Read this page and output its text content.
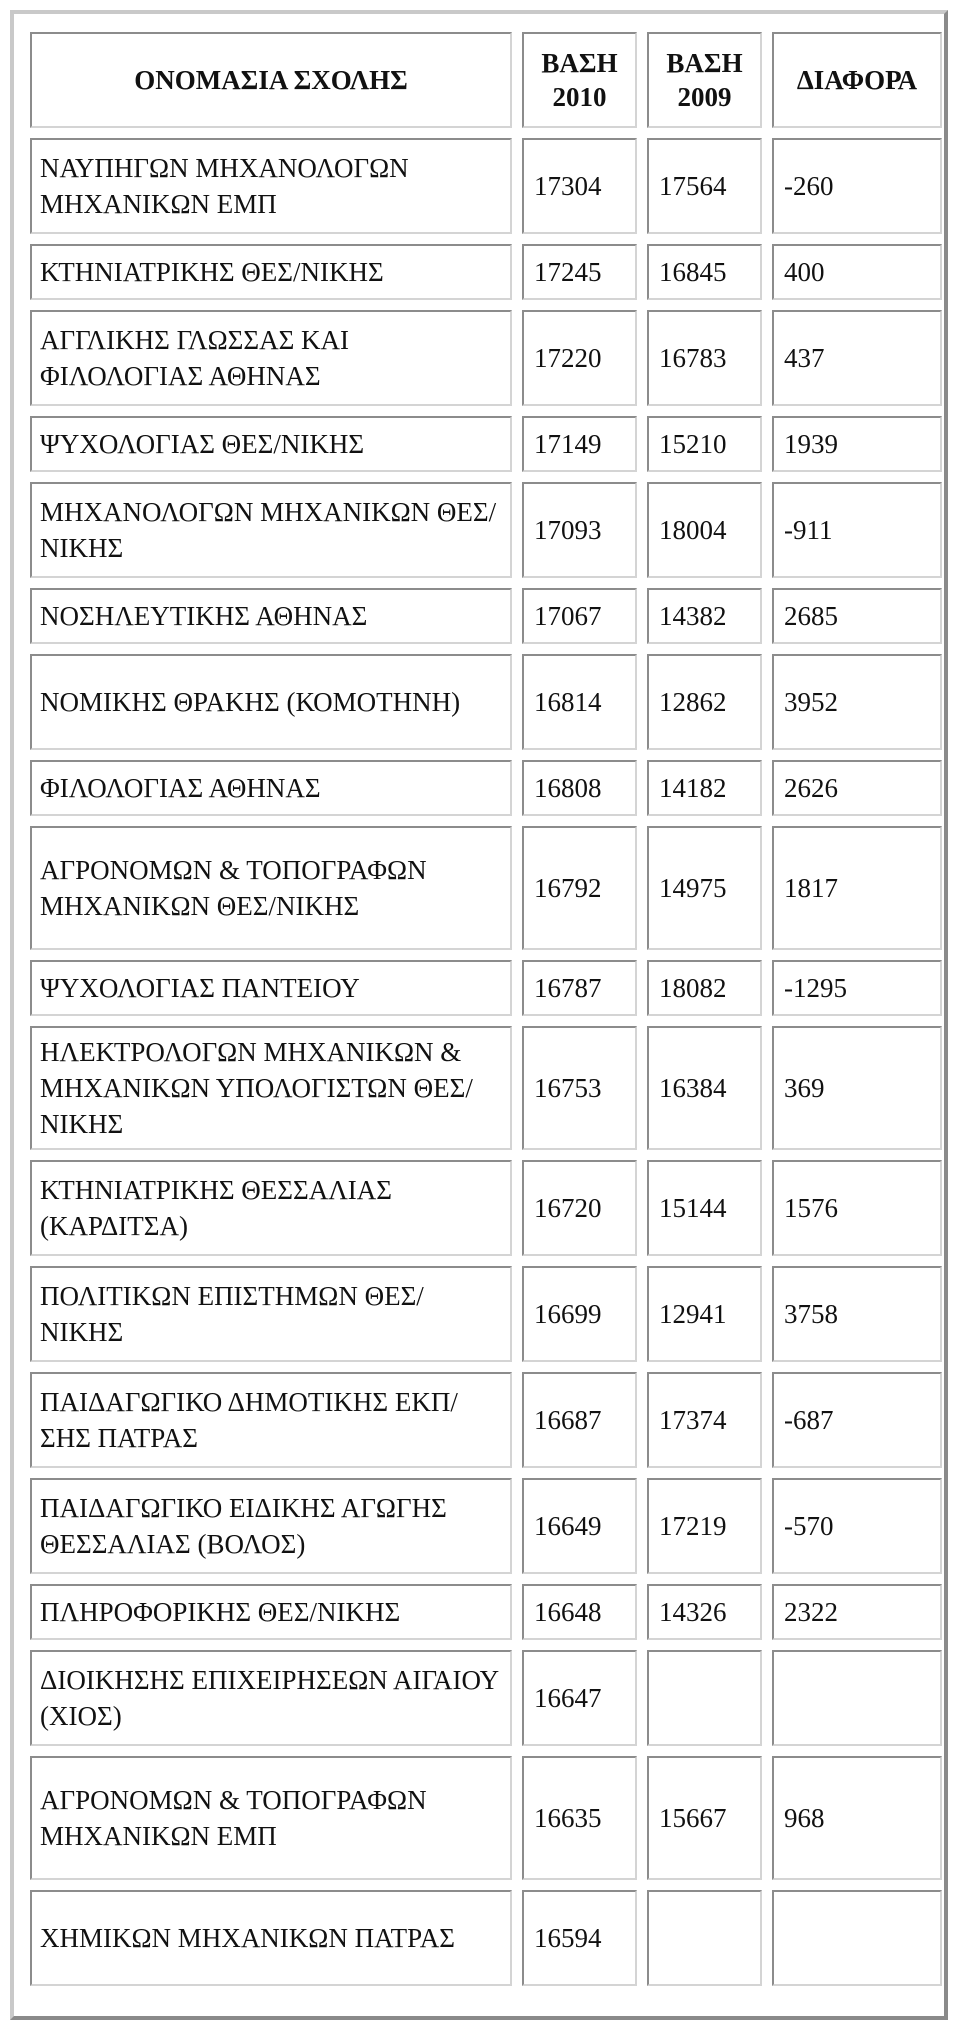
ΟΝΟΜΑΣΙΑ ΣΧΟΛΗΣ	ΒΑΣΗ 2010	ΒΑΣΗ 2009	ΔΙΑΦΟΡΑ
ΝΑΥΠΗΓΩΝ ΜΗΧΑΝΟΛΟΓΩΝ ΜΗΧΑΝΙΚΩΝ ΕΜΠ	17304	17564	-260
ΚΤΗΝΙΑΤΡΙΚΗΣ ΘΕΣ/ΝΙΚΗΣ	17245	16845	400
ΑΓΓΛΙΚΗΣ ΓΛΩΣΣΑΣ ΚΑΙ ΦΙΛΟΛΟΓΙΑΣ ΑΘΗΝΑΣ	17220	16783	437
ΨΥΧΟΛΟΓΙΑΣ ΘΕΣ/ΝΙΚΗΣ	17149	15210	1939
ΜΗΧΑΝΟΛΟΓΩΝ ΜΗΧΑΝΙΚΩΝ ΘΕΣ/ΝΙΚΗΣ	17093	18004	-911
ΝΟΣΗΛΕΥΤΙΚΗΣ ΑΘΗΝΑΣ	17067	14382	2685
ΝΟΜΙΚΗΣ ΘΡΑΚΗΣ (ΚΟΜΟΤΗΝΗ)	16814	12862	3952
ΦΙΛΟΛΟΓΙΑΣ ΑΘΗΝΑΣ	16808	14182	2626
ΑΓΡΟΝΟΜΩΝ & ΤΟΠΟΓΡΑΦΩΝ ΜΗΧΑΝΙΚΩΝ ΘΕΣ/ΝΙΚΗΣ	16792	14975	1817
ΨΥΧΟΛΟΓΙΑΣ ΠΑΝΤΕΙΟΥ	16787	18082	-1295
ΗΛΕΚΤΡΟΛΟΓΩΝ ΜΗΧΑΝΙΚΩΝ & ΜΗΧΑΝΙΚΩΝ ΥΠΟΛΟΓΙΣΤΩΝ ΘΕΣ/ΝΙΚΗΣ	16753	16384	369
ΚΤΗΝΙΑΤΡΙΚΗΣ ΘΕΣΣΑΛΙΑΣ (ΚΑΡΔΙΤΣΑ)	16720	15144	1576
ΠΟΛΙΤΙΚΩΝ ΕΠΙΣΤΗΜΩΝ ΘΕΣ/ΝΙΚΗΣ	16699	12941	3758
ΠΑΙΔΑΓΩΓΙΚΟ ΔΗΜΟΤΙΚΗΣ ΕΚΠ/ΣΗΣ ΠΑΤΡΑΣ	16687	17374	-687
ΠΑΙΔΑΓΩΓΙΚΟ ΕΙΔΙΚΗΣ ΑΓΩΓΗΣ ΘΕΣΣΑΛΙΑΣ (ΒΟΛΟΣ)	16649	17219	-570
ΠΛΗΡΟΦΟΡΙΚΗΣ ΘΕΣ/ΝΙΚΗΣ	16648	14326	2322
ΔΙΟΙΚΗΣΗΣ ΕΠΙΧΕΙΡΗΣΕΩΝ ΑΙΓΑΙΟΥ (ΧΙΟΣ)	16647		
ΑΓΡΟΝΟΜΩΝ & ΤΟΠΟΓΡΑΦΩΝ ΜΗΧΑΝΙΚΩΝ ΕΜΠ	16635	15667	968
ΧΗΜΙΚΩΝ ΜΗΧΑΝΙΚΩΝ ΠΑΤΡΑΣ	16594		
